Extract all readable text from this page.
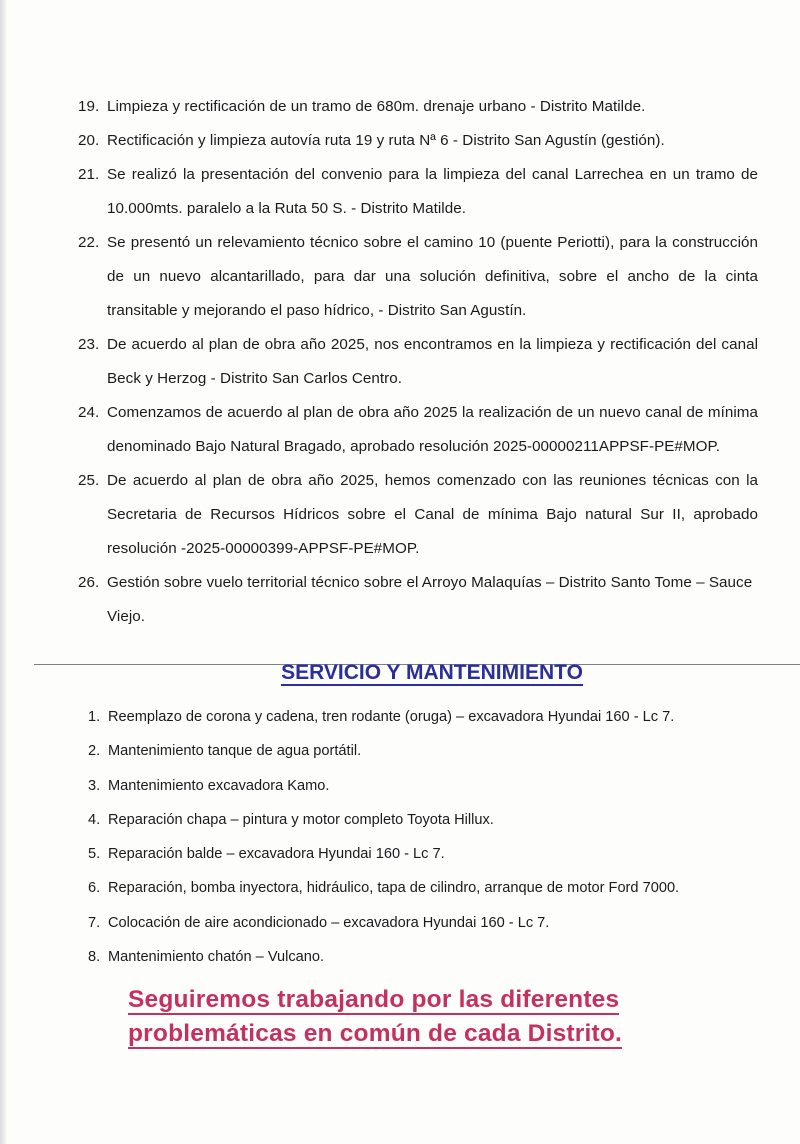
19. Limpieza y rectificación de un tramo de 680m. drenaje urbano - Distrito Matilde.
20. Rectificación y limpieza autovía ruta 19 y ruta Nª 6 - Distrito San Agustín (gestión).
21. Se realizó la presentación del convenio para la limpieza del canal Larrechea en un tramo de 10.000mts. paralelo a la Ruta 50 S. - Distrito Matilde.
22. Se presentó un relevamiento técnico sobre el camino 10 (puente Periotti), para la construcción de un nuevo alcantarillado, para dar una solución definitiva, sobre el ancho de la cinta transitable y mejorando el paso hídrico, - Distrito San Agustín.
23. De acuerdo al plan de obra año 2025, nos encontramos en la limpieza y rectificación del canal Beck y Herzog - Distrito San Carlos Centro.
24. Comenzamos de acuerdo al plan de obra año 2025 la realización de un nuevo canal de mínima denominado Bajo Natural Bragado, aprobado resolución 2025-00000211APPSF-PE#MOP.
25. De acuerdo al plan de obra año 2025, hemos comenzado con las reuniones técnicas con la Secretaria de Recursos Hídricos sobre el Canal de mínima Bajo natural Sur II, aprobado resolución -2025-00000399-APPSF-PE#MOP.
26. Gestión sobre vuelo territorial técnico sobre el Arroyo Malaquías – Distrito Santo Tome – Sauce Viejo.
SERVICIO Y MANTENIMIENTO
1. Reemplazo de corona y cadena, tren rodante (oruga) – excavadora Hyundai 160 - Lc 7.
2. Mantenimiento tanque de agua portátil.
3. Mantenimiento excavadora Kamo.
4. Reparación chapa – pintura y motor completo Toyota Hillux.
5. Reparación balde – excavadora Hyundai 160 - Lc 7.
6. Reparación, bomba inyectora, hidráulico, tapa de cilindro, arranque de motor Ford 7000.
7. Colocación de aire acondicionado – excavadora Hyundai 160 - Lc 7.
8. Mantenimiento chatón – Vulcano.

Seguiremos trabajando por las diferentes
problemáticas en común de cada Distrito.
